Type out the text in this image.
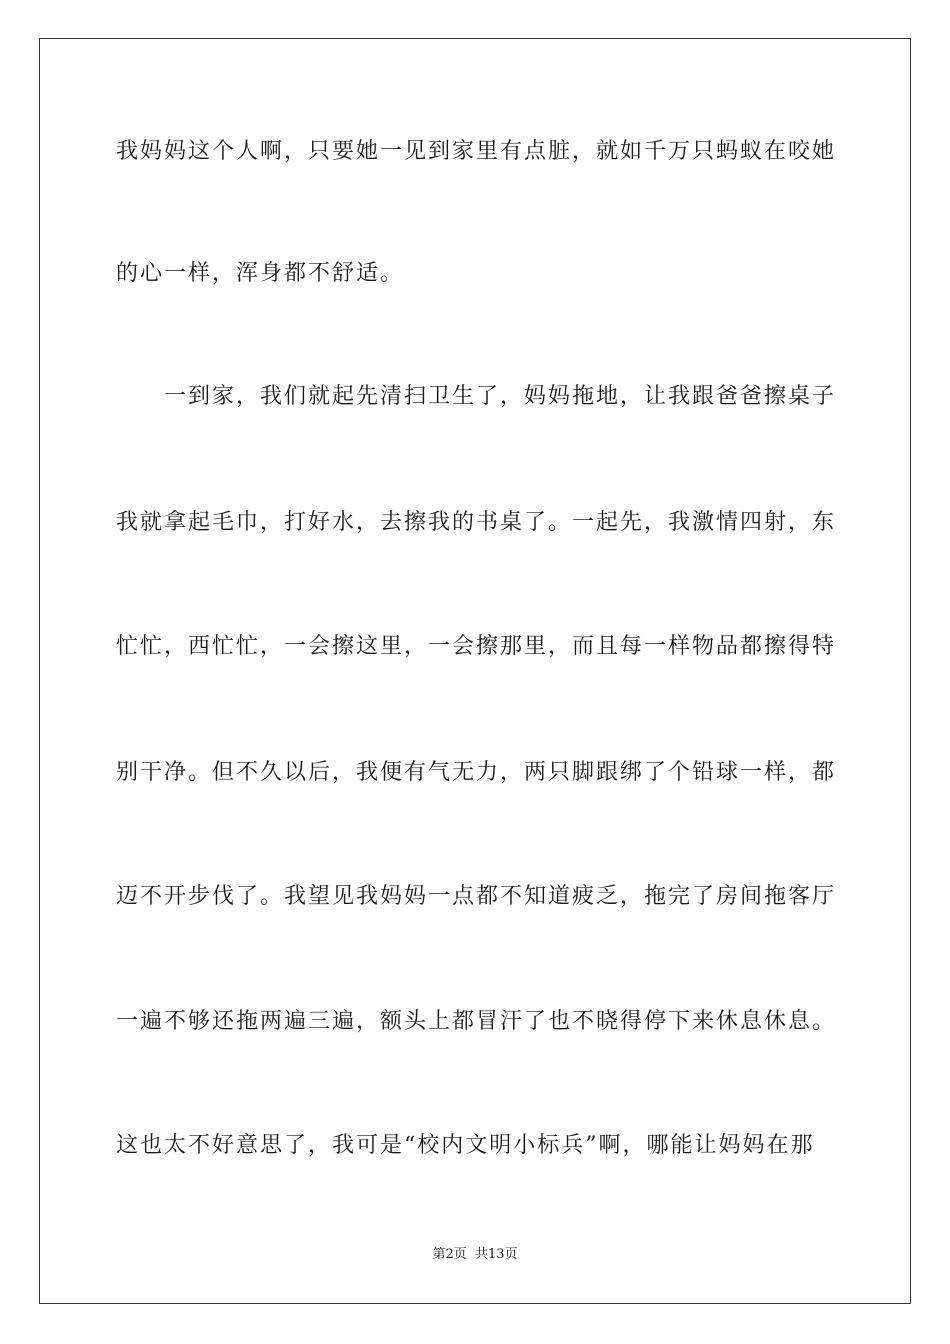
我妈妈这个人啊，只要她一见到家里有点脏，就如千万只蚂蚁在咬她
的心一样，浑身都不舒适。
　　一到家，我们就起先清扫卫生了，妈妈拖地，让我跟爸爸擦桌子
我就拿起毛巾，打好水，去擦我的书桌了。一起先，我激情四射，东
忙忙，西忙忙，一会擦这里，一会擦那里，而且每一样物品都擦得特
别干净。但不久以后，我便有气无力，两只脚跟绑了个铅球一样，都
迈不开步伐了。我望见我妈妈一点都不知道疲乏，拖完了房间拖客厅
一遍不够还拖两遍三遍，额头上都冒汗了也不晓得停下来休息休息。
这也太不好意思了，我可是“校内文明小标兵”啊，哪能让妈妈在那
第2页  共13页
